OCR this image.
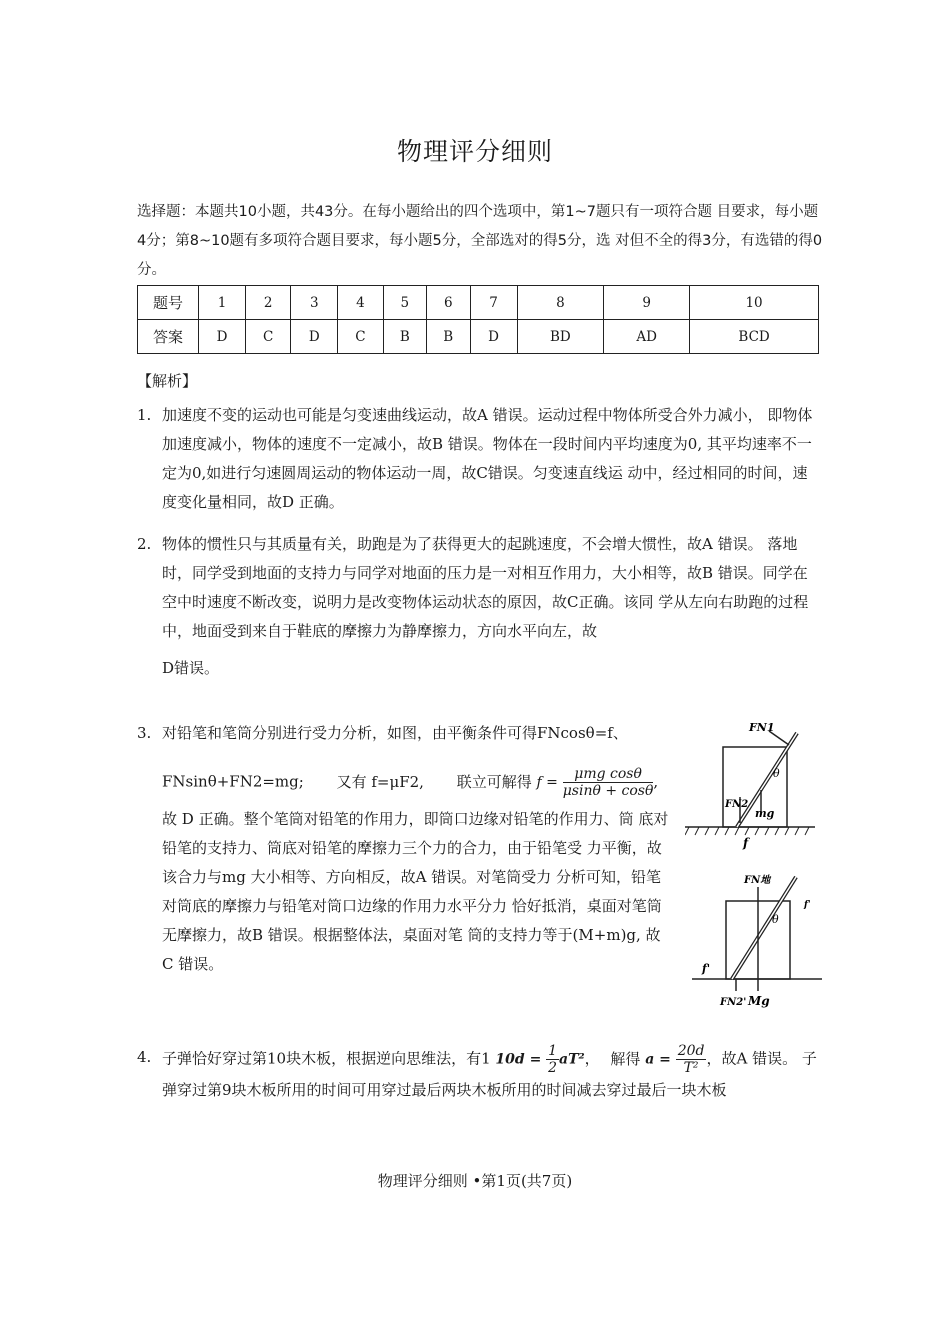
物理评分细则
选择题：本题共10小题，共43分。在每小题给出的四个选项中，第1~7题只有一项符合题 目要求，每小题4分；第8~10题有多项符合题目要求，每小题5分，全部选对的得5分，选 对但不全的得3分，有选错的得0分。
题号	1	2	3	4	5	6	7	8	9	10
答案	D	C	D	C	B	B	D	BD	AD	BCD
【解析】
1. 加速度不变的运动也可能是匀变速曲线运动，故A 错误。运动过程中物体所受合外力减小， 即物体加速度减小，物体的速度不一定减小，故B 错误。物体在一段时间内平均速度为0, 其平均速率不一定为0,如进行匀速圆周运动的物体运动一周，故C错误。匀变速直线运 动中，经过相同的时间，速度变化量相同，故D 正确。
2. 物体的惯性只与其质量有关，助跑是为了获得更大的起跳速度，不会增大惯性，故A 错误。 落地时，同学受到地面的支持力与同学对地面的压力是一对相互作用力，大小相等，故B 错误。同学在空中时速度不断改变，说明力是改变物体运动状态的原因，故C正确。该同 学从左向右助跑的过程中，地面受到来自于鞋底的摩擦力为静摩擦力，方向水平向左，故
D错误。
3. 对铅笔和笔筒分别进行受力分析，如图，由平衡条件可得FNcosθ=f、
FNsinθ+FN2=mg; 又有 f=μF2, 联立可解得 $f = \frac{\text{μmg cosθ}}{\mu\sin\theta + \cos\theta}$ ,
故 D 正确。整个笔筒对铅笔的作用力，即筒口边缘对铅笔的作用力、筒 底对铅笔的支持力、筒底对铅笔的摩擦力三个力的合力，由于铅笔受 力平衡，故该合力与mg 大小相等、方向相反，故A 错误。对笔筒受力 分析可知，铅笔对筒底的摩擦力与铅笔对筒口边缘的作用力水平分力 恰好抵消，桌面对笔筒无摩擦力，故B 错误。根据整体法，桌面对笔 筒的支持力等于(M+m)g, 故 C 错误。
FN1
θ
FN2
mg
f
FN地
θ
f'
f'
FN2' Mg
4. 子弹恰好穿过第10块木板，根据逆向思维法，有1 $10d = \frac{1}{2} aT^2$， 解得 $a = \frac{20d}{\text{T²}}$ ，故A 错误。 子弹穿过第9块木板所用的时间可用穿过最后两块木板所用的时间减去穿过最后一块木板
物理评分细则 •第1页(共7页)
